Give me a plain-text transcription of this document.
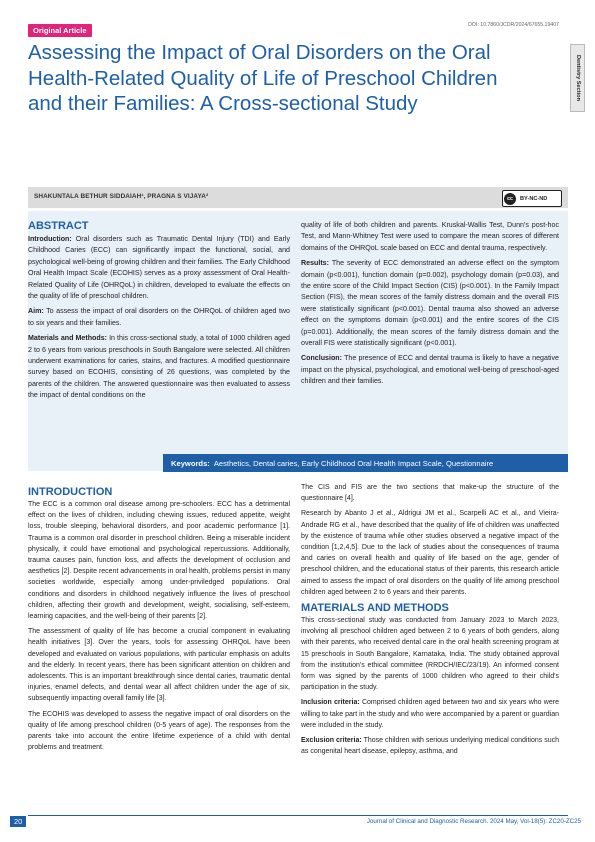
Original Article
DOI: 10.7860/JCDR/2024/67655.19407
Dentistry Section
Assessing the Impact of Oral Disorders on the Oral Health-Related Quality of Life of Preschool Children and their Families: A Cross-sectional Study
SHAKUNTALA BETHUR SIDDAIAH¹, PRAGNA S VIJAYA²	cc	BY-NC-ND
ABSTRACT

Introduction: Oral disorders such as Traumatic Dental Injury (TDI) and Early Childhood Caries (ECC) can significantly impact the functional, social, and psychological well-being of growing children and their families. The Early Childhood Oral Health Impact Scale (ECOHIS) serves as a proxy assessment of Oral Health-Related Quality of Life (OHRQoL) in children, developed to evaluate the effects on the quality of life of preschool children.

Aim: To assess the impact of oral disorders on the OHRQoL of children aged two to six years and their families.

Materials and Methods: In this cross-sectional study, a total of 1000 children aged 2 to 6 years from various preschools in South Bangalore were selected. All children underwent examinations for caries, stains, and fractures. A modified questionnaire survey based on ECOHIS, consisting of 26 questions, was completed by the parents of the children. The answered questionnaire was then evaluated to assess the impact of dental conditions on the

quality of life of both children and parents. Kruskal-Wallis Test, Dunn's post-hoc Test, and Mann-Whitney Test were used to compare the mean scores of different domains of the OHRQoL scale based on ECC and dental trauma, respectively.

Results: The severity of ECC demonstrated an adverse effect on the symptom domain (p<0.001), function domain (p=0.002), psychology domain (p=0.03), and the entire score of the Child Impact Section (CIS) (p<0.001). In the Family Impact Section (FIS), the mean scores of the family distress domain and the overall FIS were statistically significant (p<0.001). Dental trauma also showed an adverse effect on the symptoms domain (p<0.001) and the entire scores of the CIS (p=0.001). Additionally, the mean scores of the family distress domain and the overall FIS were statistically significant (p<0.001).

Conclusion: The presence of ECC and dental trauma is likely to have a negative impact on the physical, psychological, and emotional well-being of preschool-aged children and their families.

Keywords: Aesthetics, Dental caries, Early Childhood Oral Health Impact Scale, Questionnaire
INTRODUCTION

The ECC is a common oral disease among pre-schoolers. ECC has a detrimental effect on the lives of children, including chewing issues, reduced appetite, weight loss, trouble sleeping, behavioral disorders, and poor academic performance [1]. Trauma is a common oral disorder in preschool children. Being a miserable incident physically, it could have emotional and psychological repercussions. Additionally, trauma causes pain, function loss, and affects the development of occlusion and aesthetics [2]. Despite recent advancements in oral health, problems persist in many societies worldwide, especially among under-priviledged populations. Oral conditions and disorders in childhood negatively influence the lives of preschool children, affecting their growth and development, weight, socialising, self-esteem, learning capacities, and the well-being of their parents [2].

The assessment of quality of life has become a crucial component in evaluating health initiatives [3]. Over the years, tools for assessing OHRQoL have been developed and evaluated on various populations, with particular emphasis on adults and the elderly. In recent years, there has been significant attention on children and adolescents. This is an important breakthrough since dental caries, traumatic dental injuries, enamel defects, and dental wear all affect children under the age of six, subsequently impacting overall family life [3].

The ECOHIS was developed to assess the negative impact of oral disorders on the quality of life among preschool children (0-5 years of age). The responses from the parents take into account the entire lifetime experience of a child with dental problems and treatment.

The CIS and FIS are the two sections that make-up the structure of the questionnaire [4].

Research by Abanto J et al., Aldrigui JM et al., Scarpelli AC et al., and Vieira-Andrade RG et al., have described that the quality of life of children was unaffected by the existence of trauma while other studies observed a negative impact of the condition [1,2,4,5]. Due to the lack of studies about the consequences of trauma and caries on overall health and quality of life based on the age, gender of preschool children, and the educational status of their parents, this research article aimed to assess the impact of oral disorders on the quality of life among preschool children aged between 2 to 6 years and their parents.

MATERIALS AND METHODS

This cross-sectional study was conducted from January 2023 to March 2023, involving all preschool children aged between 2 to 6 years of both genders, along with their parents, who received dental care in the oral health screening program at 15 preschools in South Bangalore, Karnataka, India. The study obtained approval from the institution's ethical committee (RRDCH/IEC/23/19). An informed consent form was signed by the parents of 1000 children who agreed to their child's participation in the study.

Inclusion criteria: Comprised children aged between two and six years who were willing to take part in the study and who were accompanied by a parent or guardian were included in the study.

Exclusion criteria: Those children with serious underlying medical conditions such as congenital heart disease, epilepsy, asthma, and

20	Journal of Clinical and Diagnostic Research. 2024 May, Vol-18(5): ZC20-ZC25
